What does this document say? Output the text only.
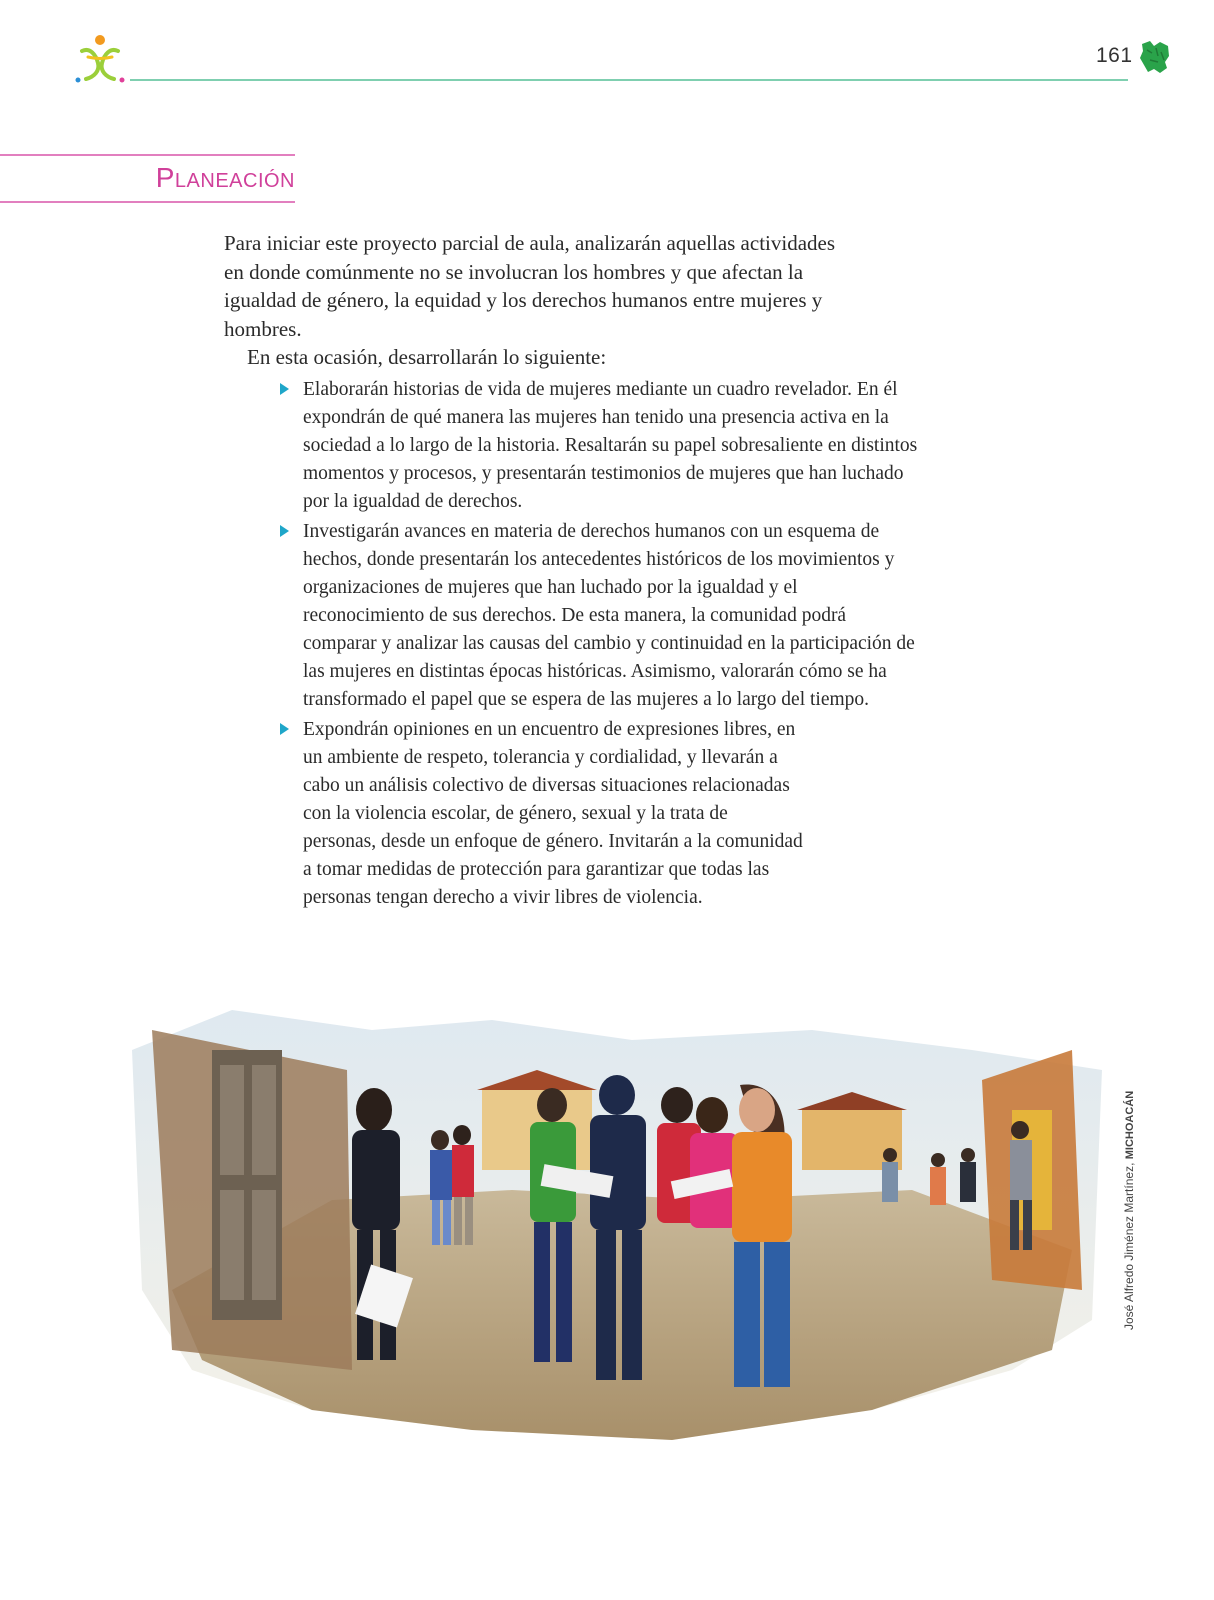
161
Planeación

Para iniciar este proyecto parcial de aula, analizarán aquellas actividades en donde comúnmente no se involucran los hombres y que afectan la igualdad de género, la equidad y los derechos humanos entre mujeres y hombres.

En esta ocasión, desarrollarán lo siguiente:

Elaborarán historias de vida de mujeres mediante un cuadro revelador. En él expondrán de qué manera las mujeres han tenido una presencia activa en la sociedad a lo largo de la historia. Resaltarán su papel sobresaliente en distintos momentos y procesos, y presentarán testimonios de mujeres que han luchado por la igualdad de derechos.
Investigarán avances en materia de derechos humanos con un esquema de hechos, donde presentarán los antecedentes históricos de los movimientos y organizaciones de mujeres que han luchado por la igualdad y el reconocimiento de sus derechos. De esta manera, la comunidad podrá comparar y analizar las causas del cambio y continuidad en la participación de las mujeres en distintas épocas históricas. Asimismo, valorarán cómo se ha transformado el papel que se espera de las mujeres a lo largo del tiempo.
Expondrán opiniones en un encuentro de expresiones libres, en un ambiente de respeto, tolerancia y cordialidad, y llevarán a cabo un análisis colectivo de diversas situaciones relacionadas con la violencia escolar, de género, sexual y la trata de personas, desde un enfoque de género. Invitarán a la comunidad a tomar medidas de protección para garantizar que todas las personas tengan derecho a vivir libres de violencia.
José Alfredo Jiménez Martínez, MICHOACÁN
